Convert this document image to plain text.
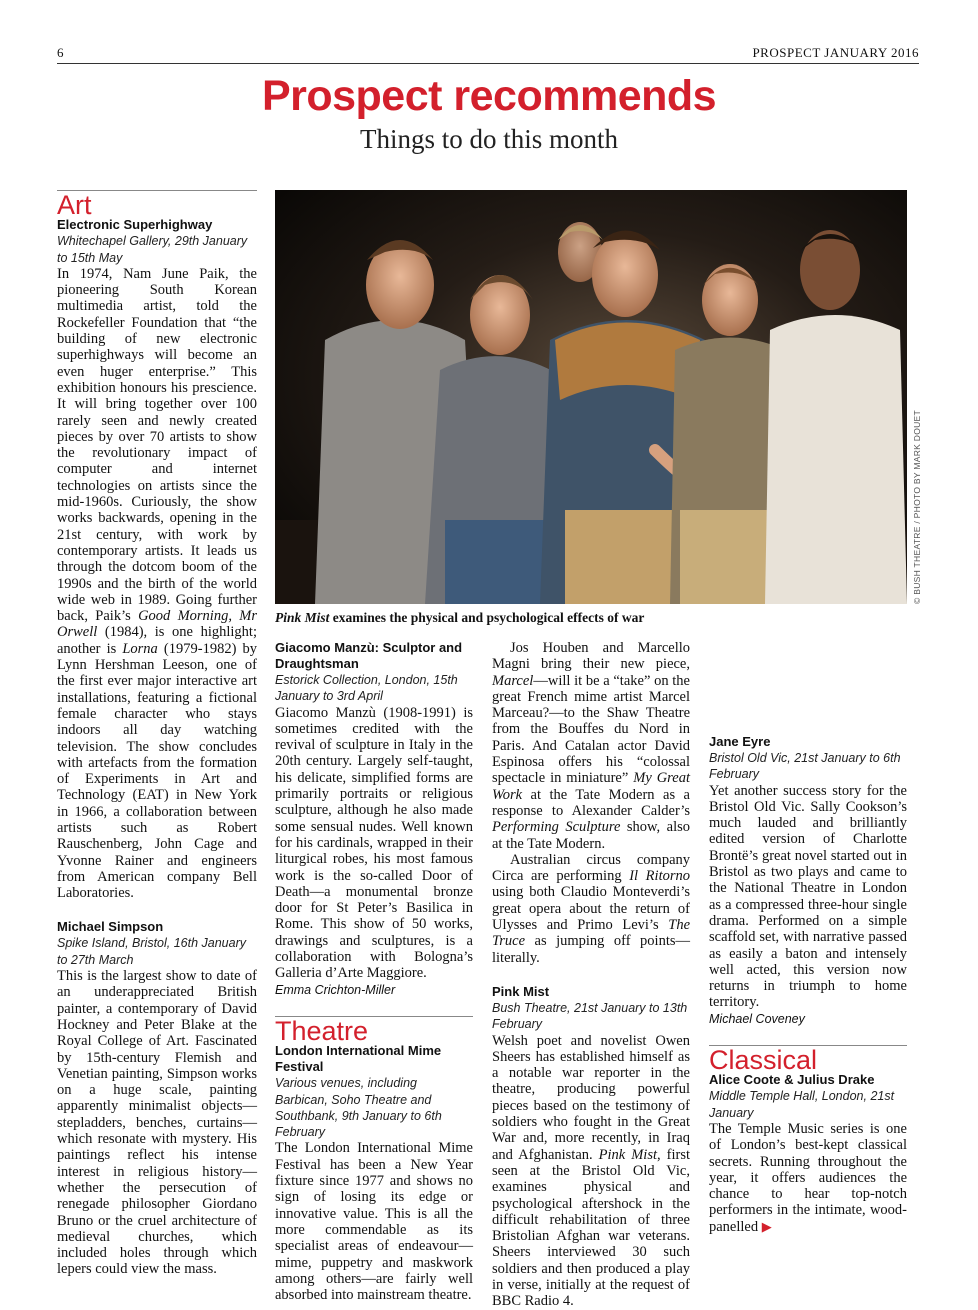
6	PROSPECT JANUARY 2016
Prospect recommends
Things to do this month
© BUSH THEATRE / PHOTO BY MARK DOUET
Pink Mist examines the physical and psychological effects of war
Art
Electronic Superhighway
Whitechapel Gallery, 29th January to 15th May

In 1974, Nam June Paik, the pioneering South Korean multimedia artist, told the Rockefeller Foundation that “the building of new electronic superhighways will become an even huger enterprise.” This exhibition honours his prescience. It will bring together over 100 rarely seen and newly created pieces by over 70 artists to show the revolutionary impact of computer and internet technologies on artists since the mid-1960s. Curiously, the show works backwards, opening in the 21st century, with work by contemporary artists. It leads us through the dotcom boom of the 1990s and the birth of the world wide web in 1989. Going further back, Paik’s Good Morning, Mr Orwell (1984), is one highlight; another is Lorna (1979-1982) by Lynn Hershman Leeson, one of the first ever major interactive art installations, featuring a fictional female character who stays indoors all day watching television. The show concludes with artefacts from the formation of Experiments in Art and Technology (EAT) in New York in 1966, a collaboration between artists such as Robert Rauschenberg, John Cage and Yvonne Rainer and engineers from American company Bell Laboratories.

Michael Simpson
Spike Island, Bristol, 16th January to 27th March

This is the largest show to date of an underappreciated British painter, a contemporary of David Hockney and Peter Blake at the Royal College of Art. Fascinated by 15th-century Flemish and Venetian painting, Simpson works on a huge scale, painting apparently minimalist objects—stepladders, benches, curtains—which resonate with mystery. His paintings reflect his intense interest in religious history—whether the persecution of renegade philosopher Giordano Bruno or the cruel architecture of medieval churches, which included holes through which lepers could view the mass.

Giacomo Manzù: Sculptor and Draughtsman
Estorick Collection, London, 15th January to 3rd April

Giacomo Manzù (1908-1991) is sometimes credited with the revival of sculpture in Italy in the 20th century. Largely self-taught, his delicate, simplified forms are primarily portraits or religious sculpture, although he also made some sensual nudes. Well known for his cardinals, wrapped in their liturgical robes, his most famous work is the so-called Door of Death—a monumental bronze door for St Peter’s Basilica in Rome. This show of 50 works, drawings and sculptures, is a collaboration with Bologna’s Galleria d’Arte Maggiore.

Emma Crichton-Miller
Theatre
London International Mime Festival
Various venues, including Barbican, Soho Theatre and Southbank, 9th January to 6th February

The London International Mime Festival has been a New Year fixture since 1977 and shows no sign of losing its edge or innovative value. This is all the more commendable as its specialist areas of endeavour—mime, puppetry and maskwork among others—are fairly well absorbed into mainstream theatre.

Jos Houben and Marcello Magni bring their new piece, Marcel—will it be a “take” on the great French mime artist Marcel Marceau?—to the Shaw Theatre from the Bouffes du Nord in Paris. And Catalan actor David Espinosa offers his “colossal spectacle in miniature” My Great Work at the Tate Modern as a response to Alexander Calder’s Performing Sculpture show, also at the Tate Modern.

Australian circus company Circa are performing Il Ritorno using both Claudio Monteverdi’s great opera about the return of Ulysses and Primo Levi’s The Truce as jumping off points—literally.

Pink Mist
Bush Theatre, 21st January to 13th February

Welsh poet and novelist Owen Sheers has established himself as a notable war reporter in the theatre, producing powerful pieces based on the testimony of soldiers who fought in the Great War and, more recently, in Iraq and Afghanistan. Pink Mist, first seen at the Bristol Old Vic, examines physical and psychological aftershock in the difficult rehabilitation of three Bristolian Afghan war veterans. Sheers interviewed 30 such soldiers and then produced a play in verse, initially at the request of BBC Radio 4.

Jane Eyre
Bristol Old Vic, 21st January to 6th February

Yet another success story for the Bristol Old Vic. Sally Cookson’s much lauded and brilliantly edited version of Charlotte Brontë’s great novel started out in Bristol as two plays and came to the National Theatre in London as a compressed three-hour single drama. Performed on a simple scaffold set, with narrative passed as easily a baton and intensely well acted, this version now returns in triumph to home territory.

Michael Coveney
Classical
Alice Coote & Julius Drake
Middle Temple Hall, London, 21st January

The Temple Music series is one of London’s best-kept classical secrets. Running throughout the year, it offers audiences the chance to hear top-notch performers in the intimate, wood-panelled ▶
